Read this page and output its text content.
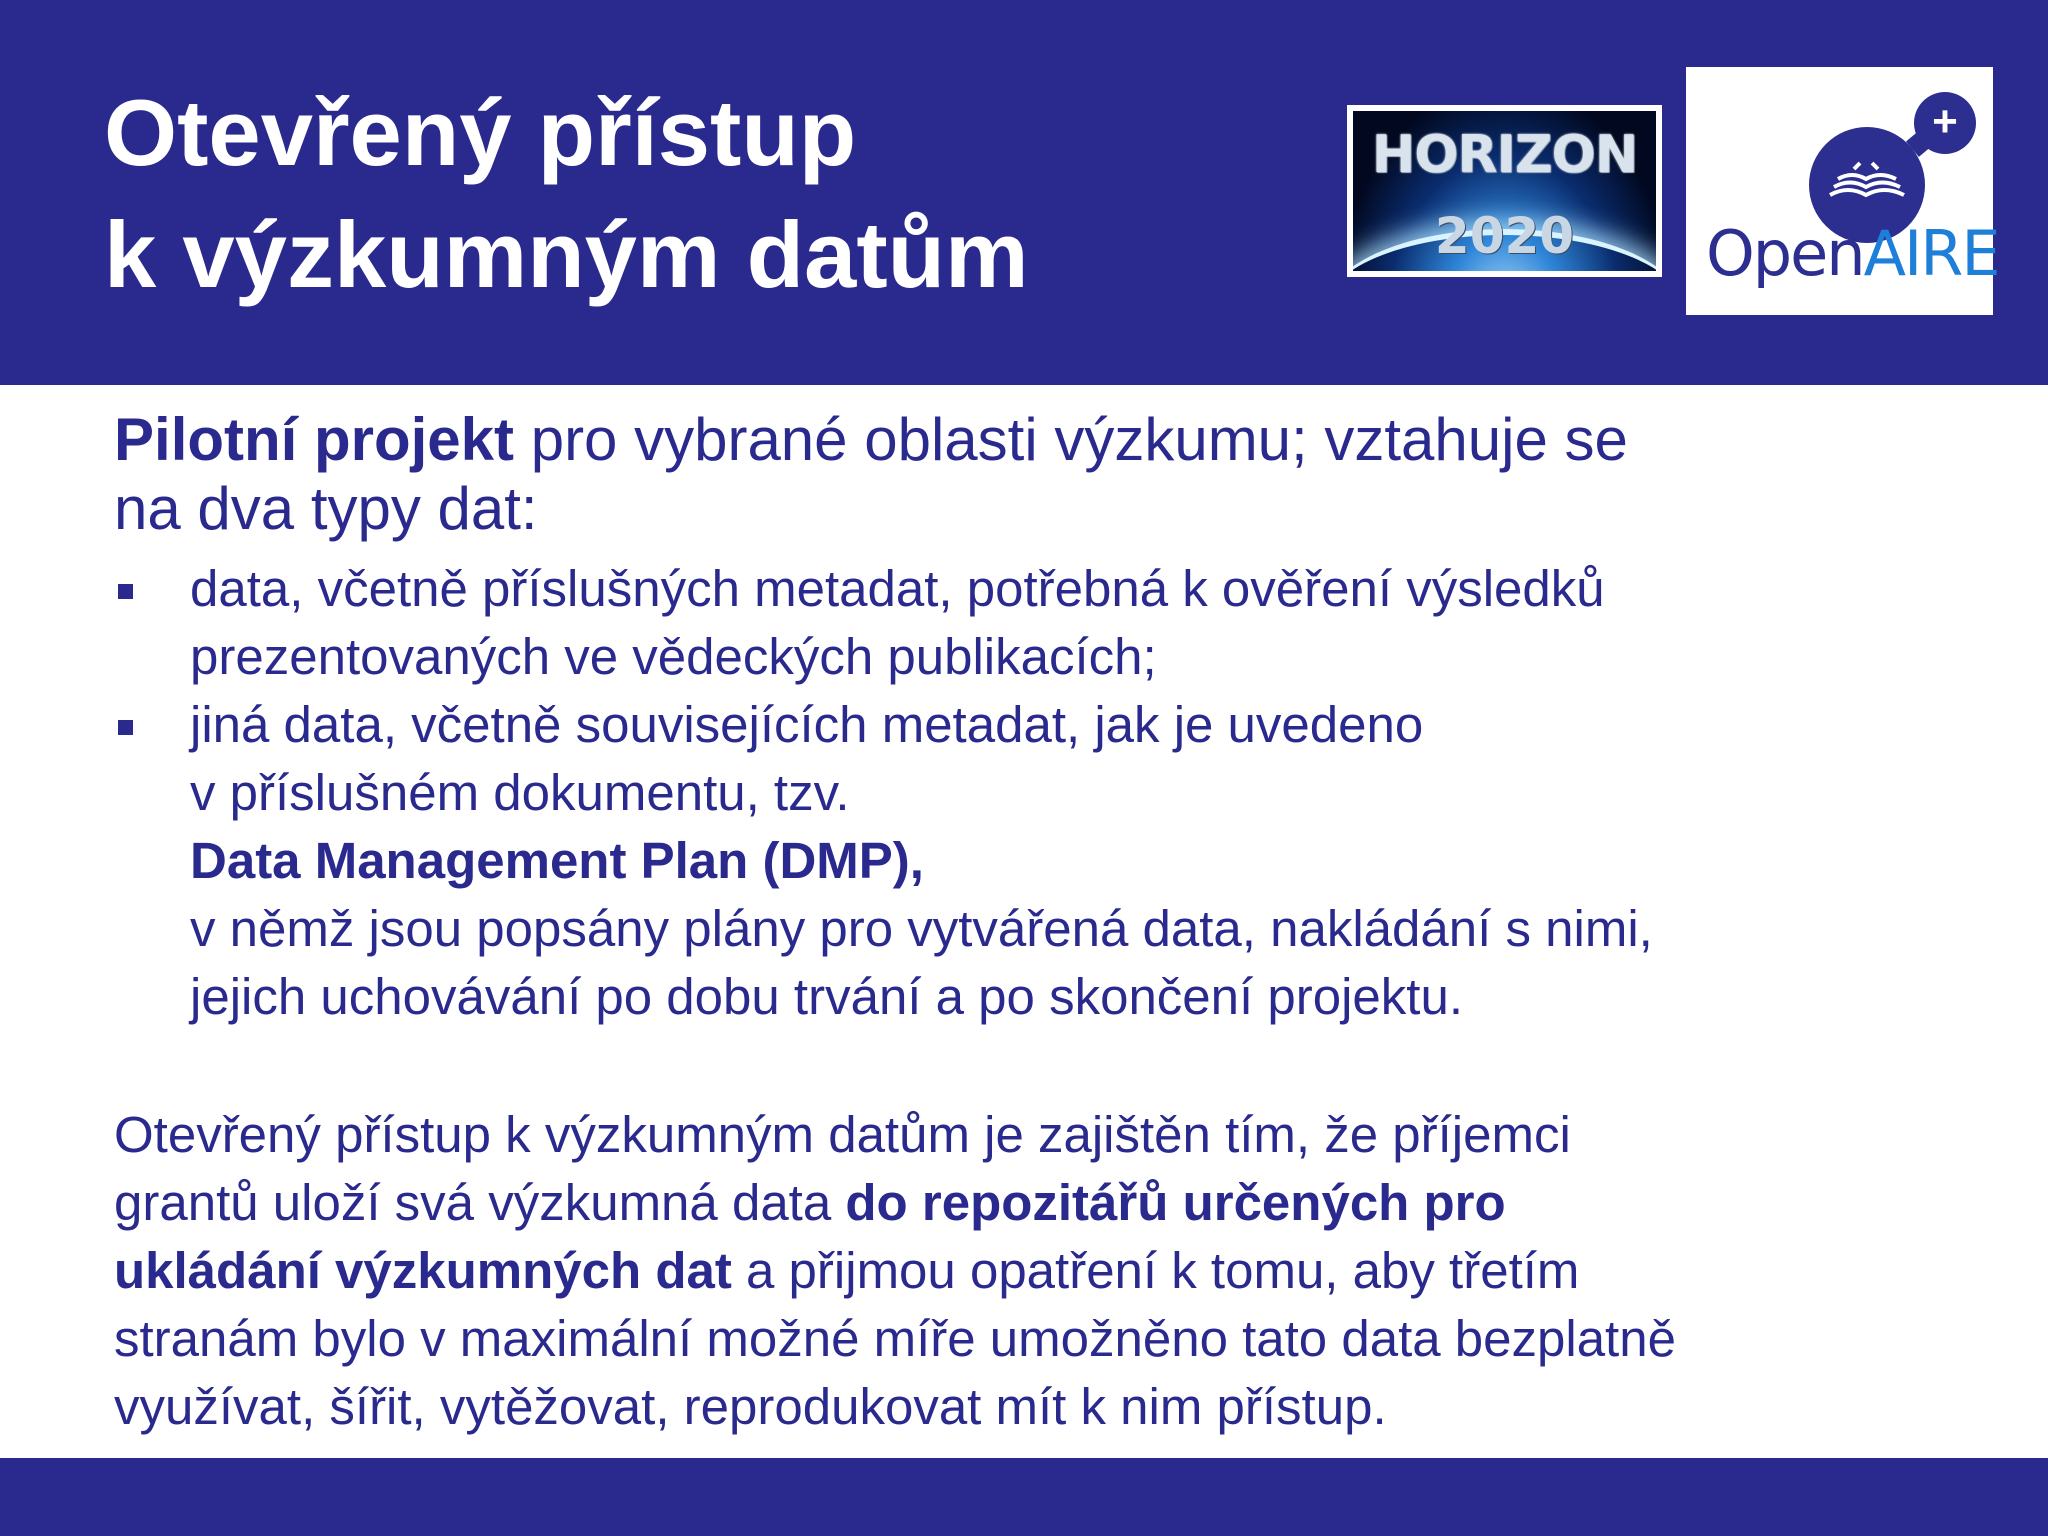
Otevřený přístup
k výzkumným datům
HORIZON
2020
+
OpenAIRE

Pilotní projekt pro vybrané oblasti výzkumu; vztahuje se
na dva typy dat:

data, včetně příslušných metadat, potřebná k ověření výsledků
prezentovaných ve vědeckých publikacích;
jiná data, včetně souvisejících metadat, jak je uvedeno
v příslušném dokumentu, tzv.
Data Management Plan (DMP),
v němž jsou popsány plány pro vytvářená data, nakládání s nimi,
jejich uchovávání po dobu trvání a po skončení projektu.

Otevřený přístup k výzkumným datům je zajištěn tím, že příjemci
grantů uloží svá výzkumná data do repozitářů určených pro
ukládání výzkumných dat a přijmou opatření k tomu, aby třetím
stranám bylo v maximální možné míře umožněno tato data bezplatně
využívat, šířit, vytěžovat, reprodukovat mít k nim přístup.
